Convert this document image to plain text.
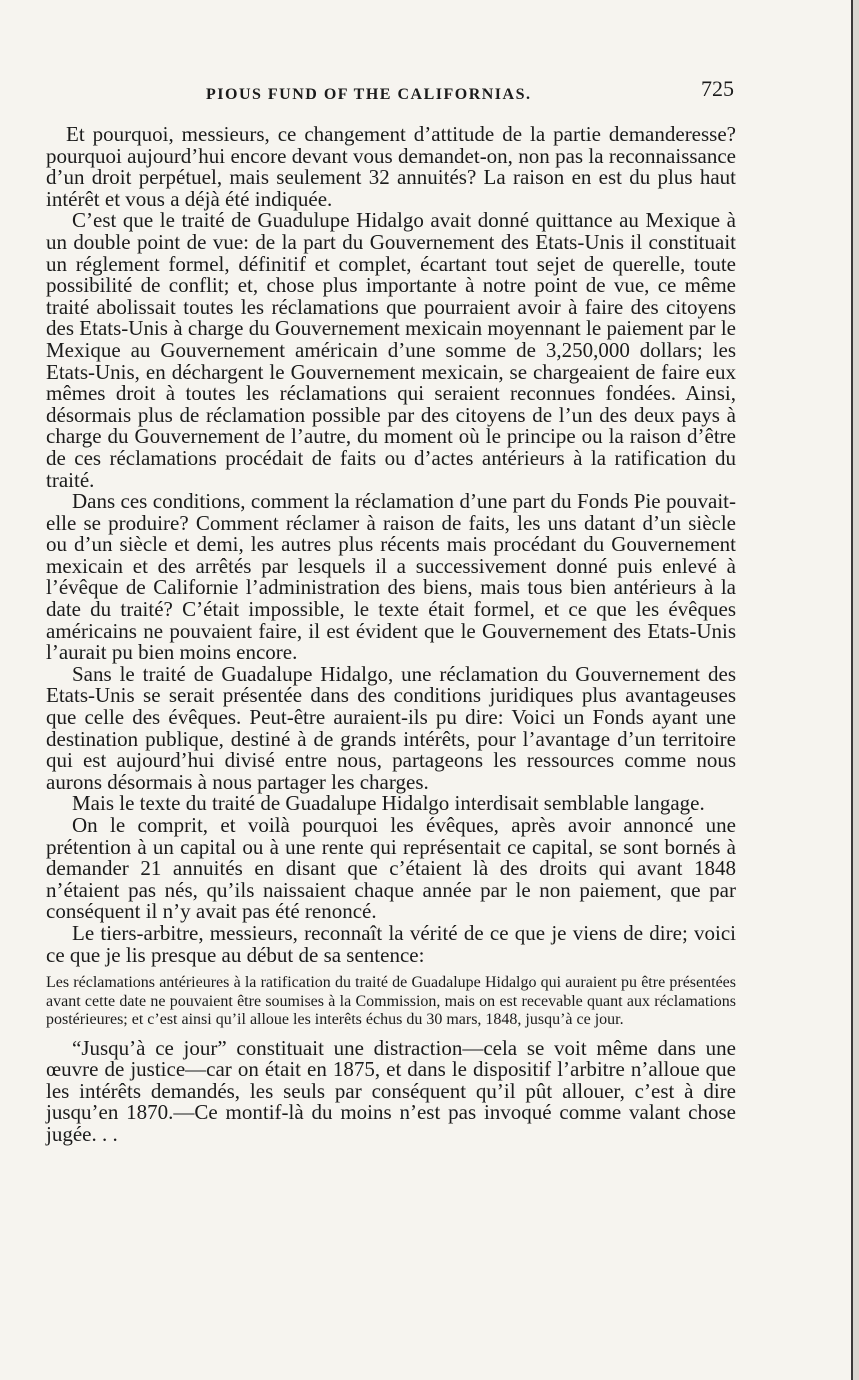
PIOUS FUND OF THE CALIFORNIAS.	725

Et pourquoi, messieurs, ce changement d’attitude de la partie demanderesse? pourquoi aujourd’hui encore devant vous demandet-on, non pas la reconnaissance d’un droit perpétuel, mais seulement 32 annuités? La raison en est du plus haut intérêt et vous a déjà été indiquée.

C’est que le traité de Guadulupe Hidalgo avait donné quittance au Mexique à un double point de vue: de la part du Gouvernement des Etats-Unis il constituait un réglement formel, définitif et complet, écartant tout sejet de querelle, toute possibilité de conflit; et, chose plus importante à notre point de vue, ce même traité abolissait toutes les réclamations que pourraient avoir à faire des citoyens des Etats-Unis à charge du Gouvernement mexicain moyennant le paiement par le Mexique au Gouvernement américain d’une somme de 3,250,000 dollars; les Etats-Unis, en déchargent le Gouvernement mexicain, se chargeaient de faire eux mêmes droit à toutes les réclamations qui seraient reconnues fondées. Ainsi, désormais plus de réclamation possible par des citoyens de l’un des deux pays à charge du Gouvernement de l’autre, du moment où le principe ou la raison d’être de ces réclamations procédait de faits ou d’actes antérieurs à la ratification du traité.

Dans ces conditions, comment la réclamation d’une part du Fonds Pie pouvait-elle se produire? Comment réclamer à raison de faits, les uns datant d’un siècle ou d’un siècle et demi, les autres plus récents mais procédant du Gouvernement mexicain et des arrêtés par lesquels il a successivement donné puis enlevé à l’évêque de Californie l’administration des biens, mais tous bien antérieurs à la date du traité? C’était impossible, le texte était formel, et ce que les évêques américains ne pouvaient faire, il est évident que le Gouvernement des Etats-Unis l’aurait pu bien moins encore.

Sans le traité de Guadalupe Hidalgo, une réclamation du Gouvernement des Etats-Unis se serait présentée dans des conditions juridiques plus avantageuses que celle des évêques. Peut-être auraient-ils pu dire: Voici un Fonds ayant une destination publique, destiné à de grands intérêts, pour l’avantage d’un territoire qui est aujourd’hui divisé entre nous, partageons les ressources comme nous aurons désormais à nous partager les charges.

Mais le texte du traité de Guadalupe Hidalgo interdisait semblable langage.

On le comprit, et voilà pourquoi les évêques, après avoir annoncé une prétention à un capital ou à une rente qui représentait ce capital, se sont bornés à demander 21 annuités en disant que c’étaient là des droits qui avant 1848 n’étaient pas nés, qu’ils naissaient chaque année par le non paiement, que par conséquent il n’y avait pas été renoncé.

Le tiers-arbitre, messieurs, reconnaît la vérité de ce que je viens de dire; voici ce que je lis presque au début de sa sentence:

Les réclamations antérieures à la ratification du traité de Guadalupe Hidalgo qui auraient pu être présentées avant cette date ne pouvaient être soumises à la Commission, mais on est recevable quant aux réclamations postérieures; et c’est ainsi qu’il alloue les interêts échus du 30 mars, 1848, jusqu’à ce jour.

“Jusqu’à ce jour” constituait une distraction—cela se voit même dans une œuvre de justice—car on était en 1875, et dans le dispositif l’arbitre n’alloue que les intérêts demandés, les seuls par conséquent qu’il pût allouer, c’est à dire jusqu’en 1870.—Ce montif-là du moins n’est pas invoqué comme valant chose jugée. . .
